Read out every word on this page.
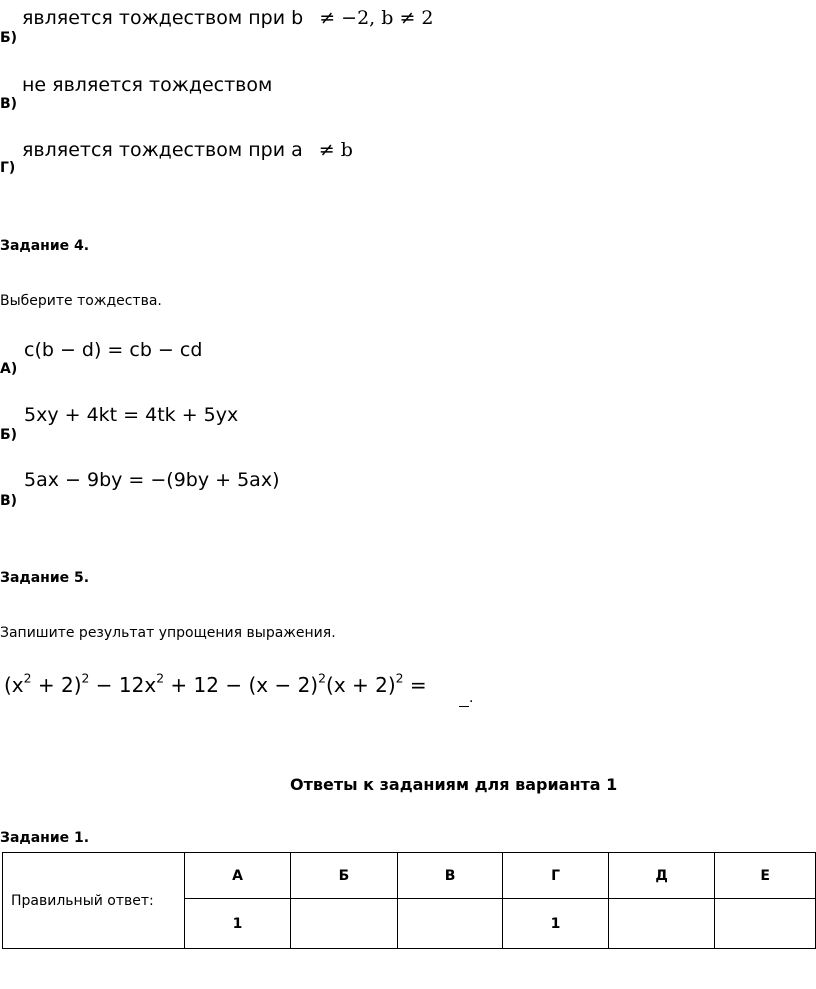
Б)
является тождеством при b ≠ −2, b ≠ 2
В)
не является тождеством
Г)
является тождеством при a ≠ b
Задание 4.
Выберите тождества.
А)
c(b − d) = cb − cd
Б)
5xy + 4kt = 4tk + 5yx
В)
5ax − 9by = −(9by + 5ax)
Задание 5.
Запишите результат упрощения выражения.
$(x^2 + 2)^2 - 12x^2 + 12 - (x - 2)^2(x + 2)^2$ =
.
Ответы к заданиям для варианта 1
Задание 1.
Правильный ответ:	А	Б	В	Г	Д	Е
	1			1		
